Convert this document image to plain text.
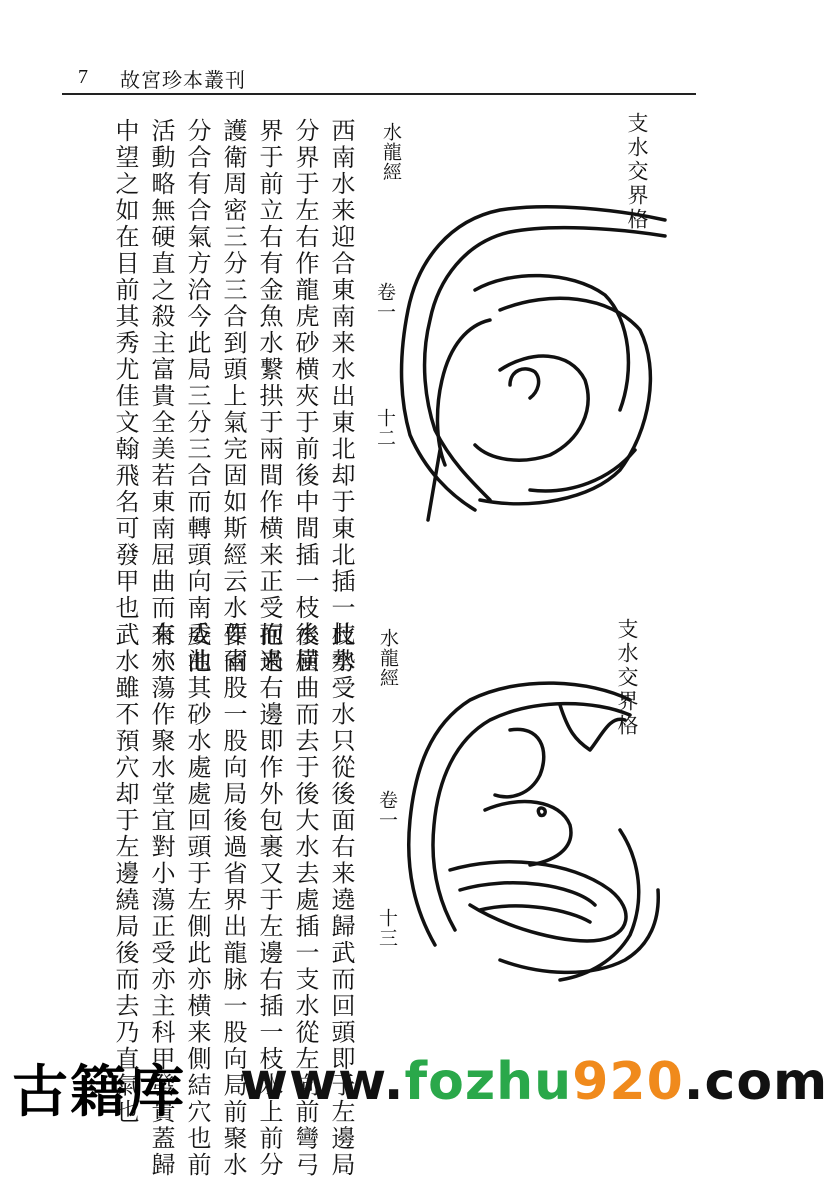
7 故宮珍本叢刊
支水交界格
水龍經
卷一
十二
西南水来迎合東南来水出東北却于東北插一枝水
分界于左右作龍虎砂横夾于前後中間插一枝水横
界于前立右有金魚水繋拱于兩間作横来正受而来
護衛周密三分三合到頭上氣完固如斯經云水要省
分合有合氣方洽今此局三分三合而轉頭向南委曲
活動略無硬直之殺主富貴全美若東南屈曲而来穴
中望之如在目前其秀尤佳文翰飛名可發甲也
支水交界格
水龍經
卷一
十三
此勢受水只從後面右来遶歸武而回頭即于左邊局
後屈曲而去于後大水去處插一支水從左向前彎弓
抱過右邊即作外包裹又于左邊右插一枝水上前分
作兩股一股向局後過省界出龍脉一股向局前聚水
成池其砂水處處回頭于左側此亦横来側結穴也前
有小蕩作聚水堂宜對小蕩正受亦主科甲發貴蓋歸
武水雖不預穴却于左邊繞局後而去乃直氣也
古籍库 www.fozhu920.com
